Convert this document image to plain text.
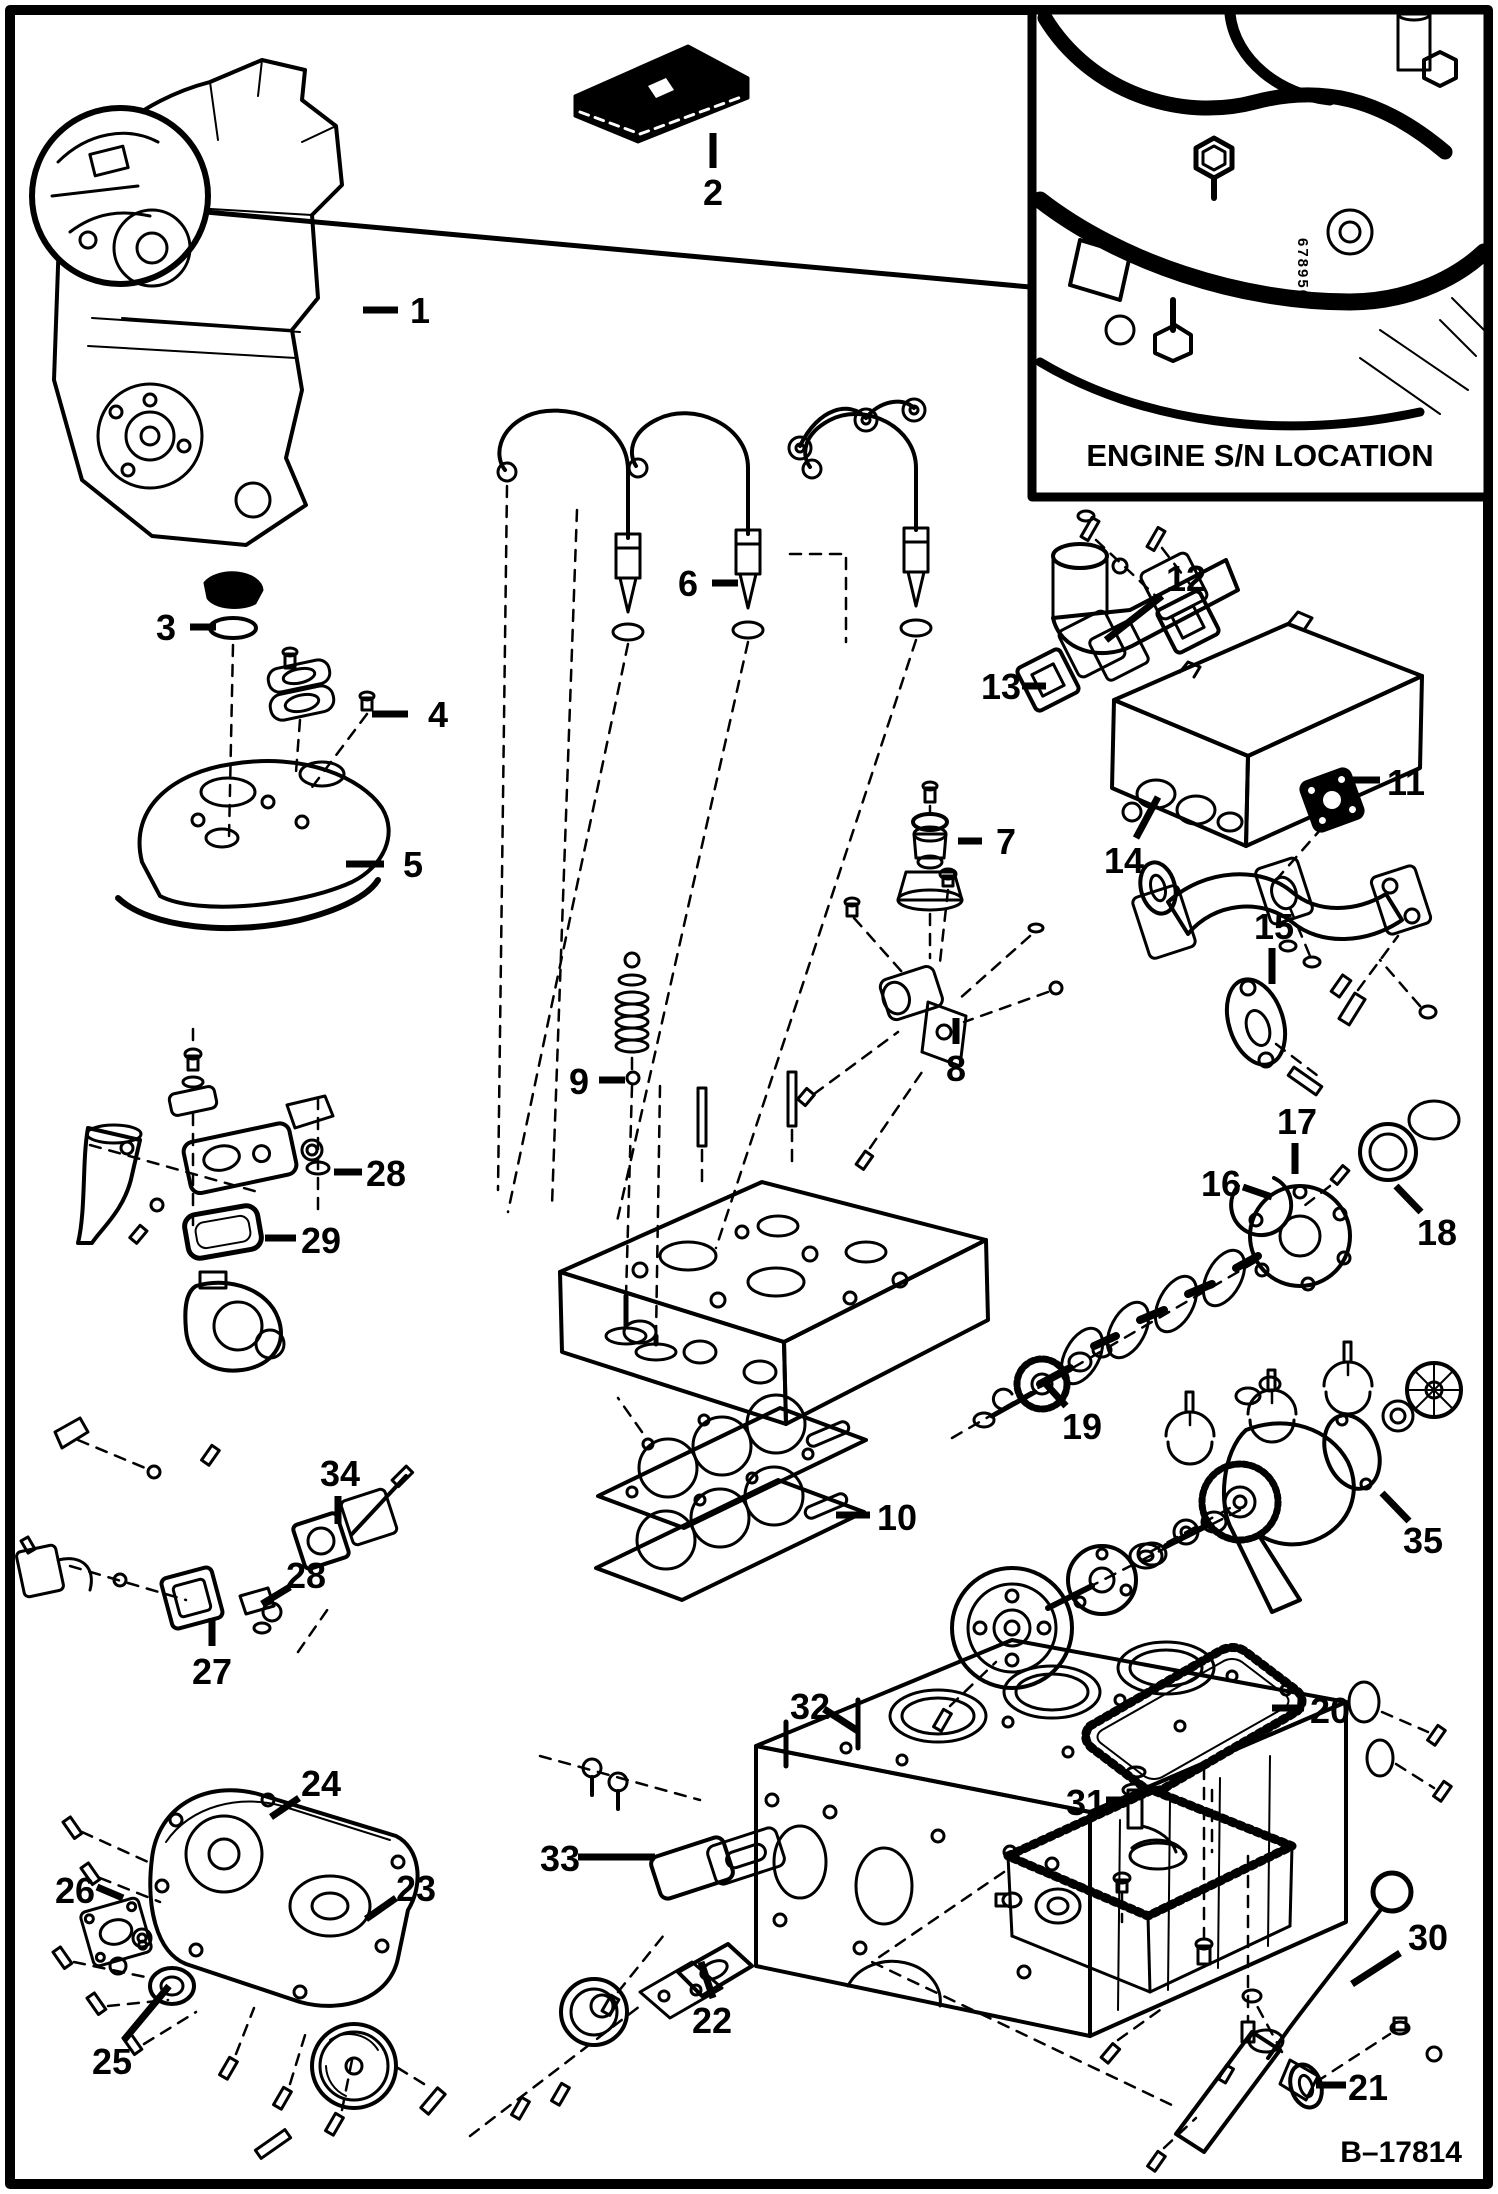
678956
ENGINE S/N LOCATION
B–17814
1
2
3
4
5
6
7
8
9
10
11
12
13
14
15
16
17
18
19
20
21
22
23
24
25
26
27
28
28
29
30
31
32
33
34
35
